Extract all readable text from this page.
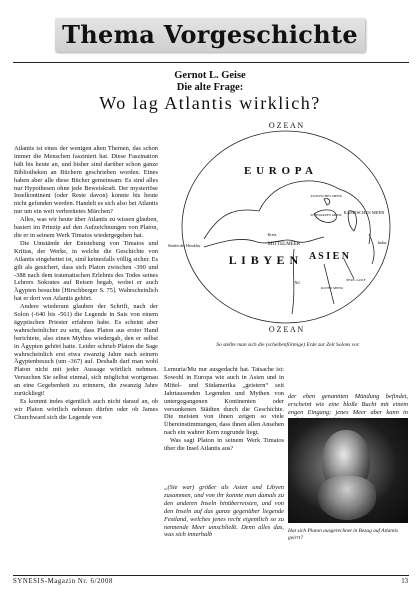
Thema Vorgeschichte
Gernot L. Geise
Die alte Frage:
Wo lag Atlantis wirklich?

Atlantis ist eines der wenigen alten Themen, das schon immer die Menschen fasziniert hat. Diese Faszination hält bis heute an, und bisher sind darüber schon ganze Bibliotheken an Büchern geschrieben worden. Eines haben aber alle diese Bücher gemeinsam: Es sind alles nur Hypothesen ohne jede Beweiskraft. Der mysteriöse Inselkontinent (oder Reste davon) konnte bis heute nicht gefunden werden. Handelt es sich also bei Atlantis nur um ein weit verbreitetes Märchen?

Alles, was wir heute über Atlantis zu wissen glauben, basiert im Prinzip auf den Aufzeichnungen von Platon, die er in seinem Werk Timaios wiedergegeben hat.

Die Umstände der Entstehung von Timaios und Kritias, der Werke, in welche die Geschichte von Atlantis eingebettet ist, sind keinesfalls völlig sicher. Es gilt als gesichert, dass sich Platon zwischen -390 und -388 nach dem traumatischen Erlebnis des Todes seines Lehrers Sokrates auf Reisen begab, wobei er auch Ägypten besuchte [Hirschberger S. 75]. Wahrscheinlich hat er dort von Atlantis gehört.

Andere wiederum glauben der Schrift, nach der Solon (-640 bis -561) die Legende in Sais von einem ägyptischen Priester erfahren habe. Es scheint aber wahrscheinlicher zu sein, dass Platon aus erster Hand berichtete, also einen Mythos wiedergab, den er selbst in Ägypten gehört hatte. Leider schrieb Platon die Sage wahrscheinlich erst etwa zwanzig Jahre nach seinem Ägyptenbesuch (um -367) auf. Deshalb darf man wohl Platon nicht mit jeder Aussage wörtlich nehmen. Versuchen Sie selbst einmal, sich möglichst wortgenau an eine Gegebenheit zu erinnern, die zwanzig Jahre zurückliegt!

Es kommt indes eigentlich auch nicht darauf an, ob wir Platon wörtlich nehmen dürfen oder ob James Churchward sich die Legende von

O Z E A N
E U R O P A
ASOWSCHES MEER
SCHWARZES MEER KASPISCHES MEER
Kreta
MITTELMEER	Indus
Säulen des Herakles
L I B Y E N A S I E N
Nil
ROTES MEER
PERS. GOLF
O Z E A N
So stellte man sich die (scheibenförmige) Erde zur Zeit Solons vor.

Lemuria/Mu nur ausgedacht hat. Tatsache ist: Sowohl in Europa wie auch in Asien und in Mittel- und Südamerika „geistern“ seit Jahrtausenden Legenden und Mythen von untergegangenen Kontinenten oder versunkenen Städten durch die Geschichte. Die meisten von ihnen zeigen so viele Übereinstimmungen, dass ihnen allen Ansehen nach ein wahrer Kern zugrunde liegt.

Was sagt Platon in seinem Werk Timaios über die Insel Atlantis aus?

„(Sie war) größer als Asien und Libyen zusammen, und von ihr konnte man damals zu den anderen Inseln hinüberreisten, und von den Inseln auf das ganze gegenüber liegende Festland, welches jenes recht eigentlich so zu nennende Meer umschließt. Denn alles das, was sich innerhalb
der eben genannten Mündung befindet, erscheint wie eine bloße Bucht mit einem engen Eingang; jenes Meer aber kann in
Hat sich Platon ausgerechnet in Bezug auf Atlantis geirrt?
SYNESIS-Magazin Nr. 6/2008	13
